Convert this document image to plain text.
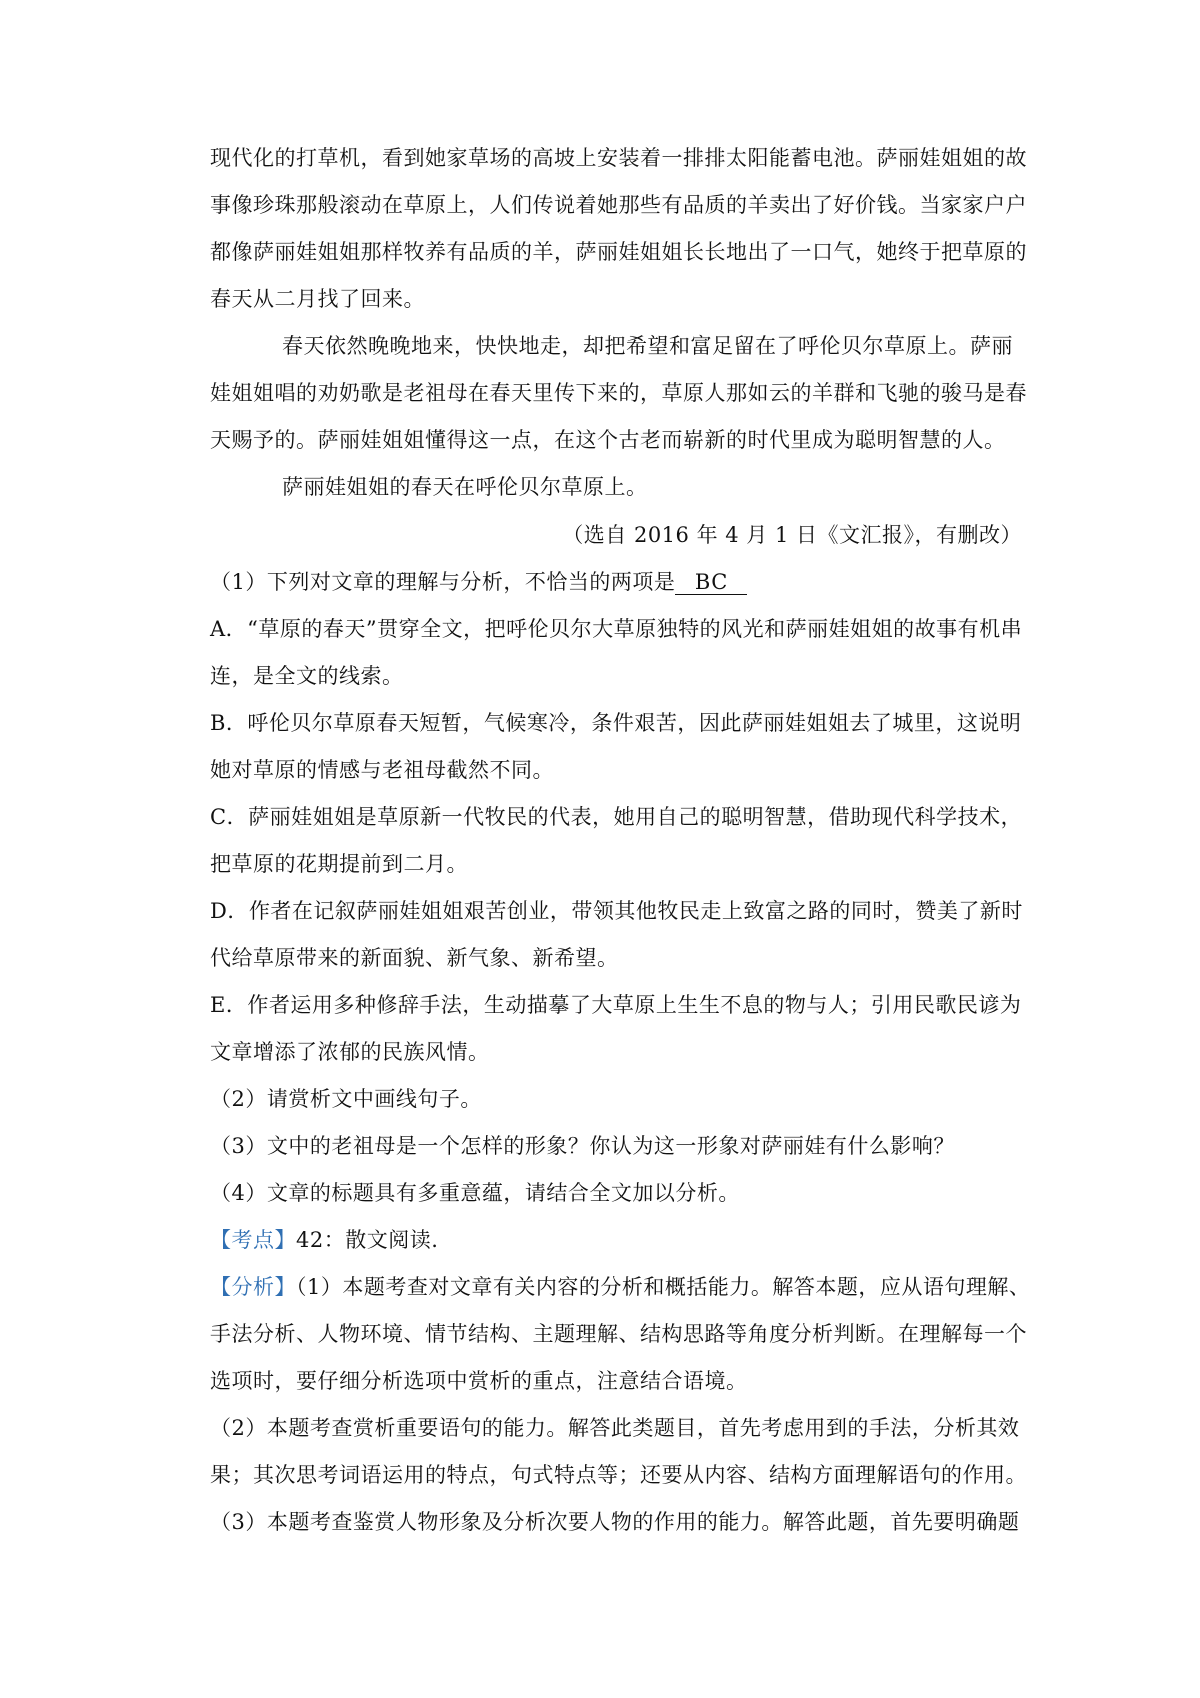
现代化的打草机，看到她家草场的高坡上安装着一排排太阳能蓄电池。萨丽娃姐姐的故
事像珍珠那般滚动在草原上，人们传说着她那些有品质的羊卖出了好价钱。当家家户户
都像萨丽娃姐姐那样牧养有品质的羊，萨丽娃姐姐长长地出了一口气，她终于把草原的
春天从二月找了回来。
春天依然晚晚地来，快快地走，却把希望和富足留在了呼伦贝尔草原上。萨丽
娃姐姐唱的劝奶歌是老祖母在春天里传下来的，草原人那如云的羊群和飞驰的骏马是春
天赐予的。萨丽娃姐姐懂得这一点，在这个古老而崭新的时代里成为聪明智慧的人。
萨丽娃姐姐的春天在呼伦贝尔草原上。
（选自 2016 年 4 月 1 日《文汇报》，有删改）
（1）下列对文章的理解与分析，不恰当的两项是 BC
A．“草原的春天”贯穿全文，把呼伦贝尔大草原独特的风光和萨丽娃姐姐的故事有机串
连，是全文的线索。
B．呼伦贝尔草原春天短暂，气候寒冷，条件艰苦，因此萨丽娃姐姐去了城里，这说明
她对草原的情感与老祖母截然不同。
C．萨丽娃姐姐是草原新一代牧民的代表，她用自己的聪明智慧，借助现代科学技术，
把草原的花期提前到二月。
D．作者在记叙萨丽娃姐姐艰苦创业，带领其他牧民走上致富之路的同时，赞美了新时
代给草原带来的新面貌、新气象、新希望。
E．作者运用多种修辞手法，生动描摹了大草原上生生不息的物与人；引用民歌民谚为
文章增添了浓郁的民族风情。
（2）请赏析文中画线句子。
（3）文中的老祖母是一个怎样的形象？你认为这一形象对萨丽娃有什么影响？
（4）文章的标题具有多重意蕴，请结合全文加以分析。
【考点】42：散文阅读.
【分析】（1）本题考查对文章有关内容的分析和概括能力。解答本题，应从语句理解、
手法分析、人物环境、情节结构、主题理解、结构思路等角度分析判断。在理解每一个
选项时，要仔细分析选项中赏析的重点，注意结合语境。
（2）本题考查赏析重要语句的能力。解答此类题目，首先考虑用到的手法，分析其效
果；其次思考词语运用的特点，句式特点等；还要从内容、结构方面理解语句的作用。
（3）本题考查鉴赏人物形象及分析次要人物的作用的能力。解答此题，首先要明确题
